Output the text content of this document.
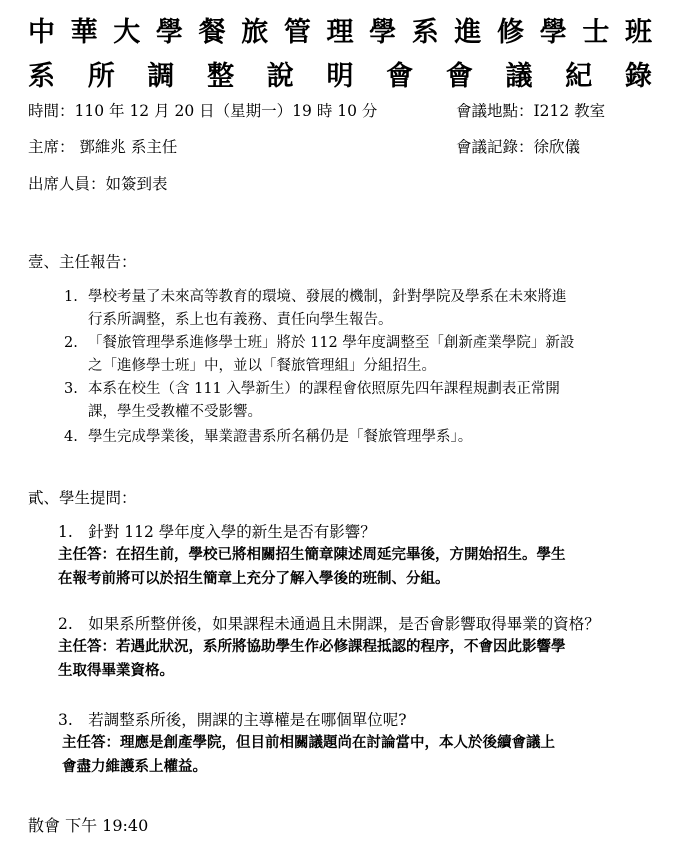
中 華 大 學 餐 旅 管 理 學 系 進 修 學 士 班
系 所 調 整 說 明 會 會 議 紀 錄
時間：110 年 12 月 20 日（星期一）19 時 10 分	會議地點：I212 教室
主席： 鄧維兆 系主任	會議記錄：徐欣儀
出席人員：如簽到表
壹、主任報告：
1. 學校考量了未來高等教育的環境、發展的機制，針對學院及學系在未來將進
行系所調整，系上也有義務、責任向學生報告。
2. 「餐旅管理學系進修學士班」將於 112 學年度調整至「創新產業學院」新設
之「進修學士班」中，並以「餐旅管理組」分組招生。
3. 本系在校生（含 111 入學新生）的課程會依照原先四年課程規劃表正常開
課，學生受教權不受影響。
4. 學生完成學業後，畢業證書系所名稱仍是「餐旅管理學系」。
貳、學生提問：
1.　針對 112 學年度入學的新生是否有影響？
主任答：在招生前，學校已將相關招生簡章陳述周延完畢後，方開始招生。學生
在報考前將可以於招生簡章上充分了解入學後的班制、分組。
2.　如果系所整併後，如果課程未通過且未開課，是否會影響取得畢業的資格？
主任答：若遇此狀況，系所將協助學生作必修課程抵認的程序，不會因此影響學
生取得畢業資格。
3.　若調整系所後，開課的主導權是在哪個單位呢?
主任答：理應是創產學院，但目前相關議題尚在討論當中，本人於後續會議上
會盡力維護系上權益。
散會 下午 19:40
